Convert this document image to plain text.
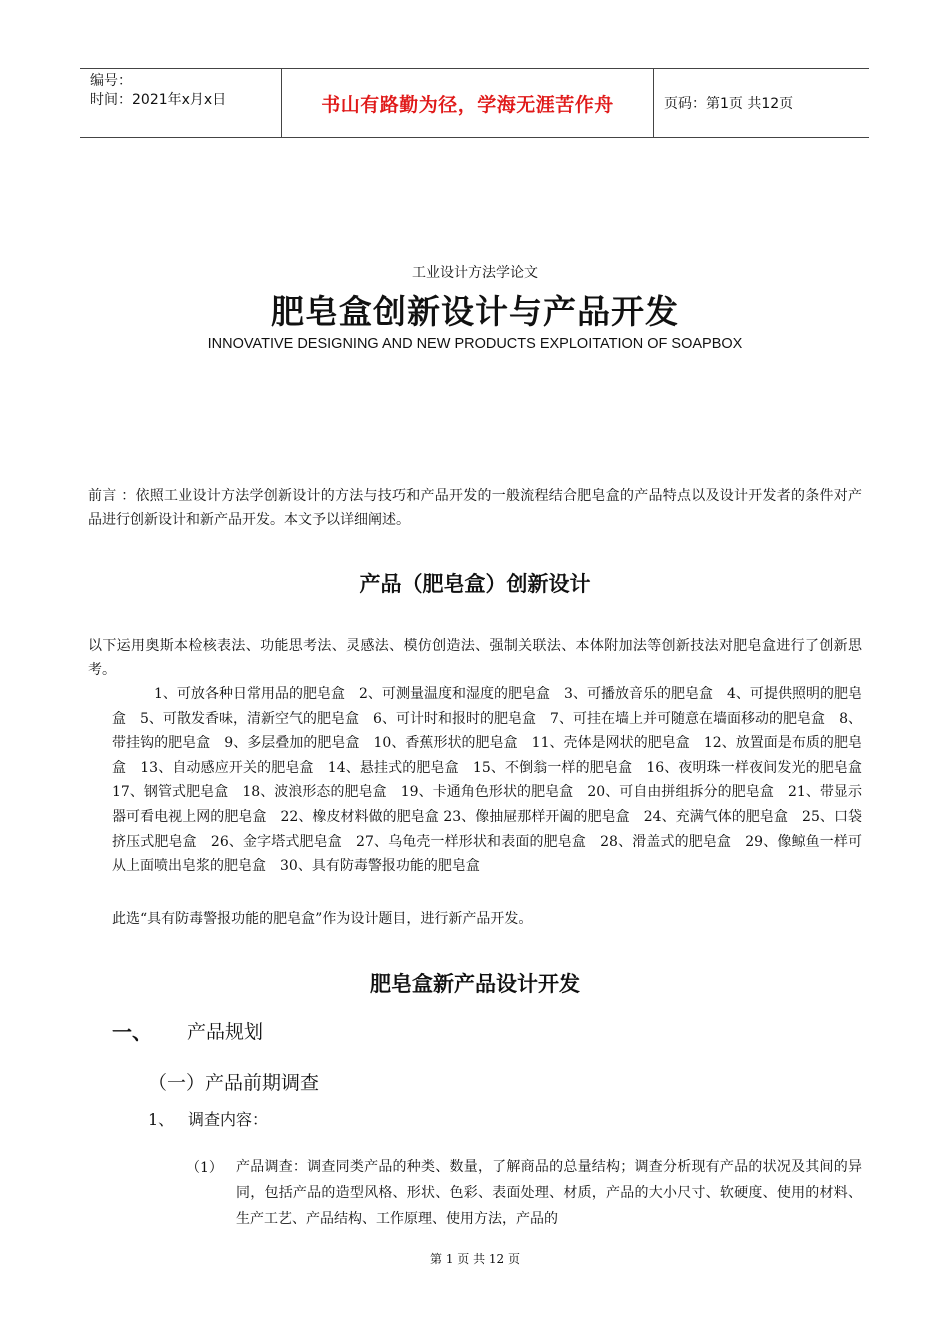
编号：
时间：2021年x月x日	书山有路勤为径，学海无涯苦作舟	页码：第1页 共12页
工业设计方法学论文
肥皂盒创新设计与产品开发
INNOVATIVE DESIGNING AND NEW PRODUCTS EXPLOITATION OF SOAPBOX
前言 ：依照工业设计方法学创新设计的方法与技巧和产品开发的一般流程结合肥皂盒的产品特点以及设计开发者的条件对产品进行创新设计和新产品开发。本文予以详细阐述。
产品（肥皂盒）创新设计
以下运用奥斯本检核表法、功能思考法、灵感法、模仿创造法、强制关联法、本体附加法等创新技法对肥皂盒进行了创新思考。
1、可放各种日常用品的肥皂盒　2、可测量温度和湿度的肥皂盒　3、可播放音乐的肥皂盒　4、可提供照明的肥皂盒　5、可散发香味，清新空气的肥皂盒　6、可计时和报时的肥皂盒　7、可挂在墙上并可随意在墙面移动的肥皂盒　8、带挂钩的肥皂盒　9、多层叠加的肥皂盒　10、香蕉形状的肥皂盒　11、壳体是网状的肥皂盒　12、放置面是布质的肥皂盒　13、自动感应开关的肥皂盒　14、悬挂式的肥皂盒　15、不倒翁一样的肥皂盒　16、夜明珠一样夜间发光的肥皂盒　17、钢管式肥皂盒　18、波浪形态的肥皂盒　19、卡通角色形状的肥皂盒　20、可自由拼组拆分的肥皂盒　21、带显示器可看电视上网的肥皂盒　22、橡皮材料做的肥皂盒 23、像抽屉那样开阖的肥皂盒　24、充满气体的肥皂盒　25、口袋挤压式肥皂盒　26、金字塔式肥皂盒　27、乌龟壳一样形状和表面的肥皂盒　28、滑盖式的肥皂盒　29、像鲸鱼一样可从上面喷出皂浆的肥皂盒　30、具有防毒警报功能的肥皂盒
此选“具有防毒警报功能的肥皂盒”作为设计题目，进行新产品开发。
肥皂盒新产品设计开发
一、 产品规划
（一）产品前期调查
1、 调查内容：
（1） 产品调查：调查同类产品的种类、数量，了解商品的总量结构；调查分析现有产品的状况及其间的异同，包括产品的造型风格、形状、色彩、表面处理、材质，产品的大小尺寸、软硬度、使用的材料、生产工艺、产品结构、工作原理、使用方法，产品的
第 1 页 共 12 页
